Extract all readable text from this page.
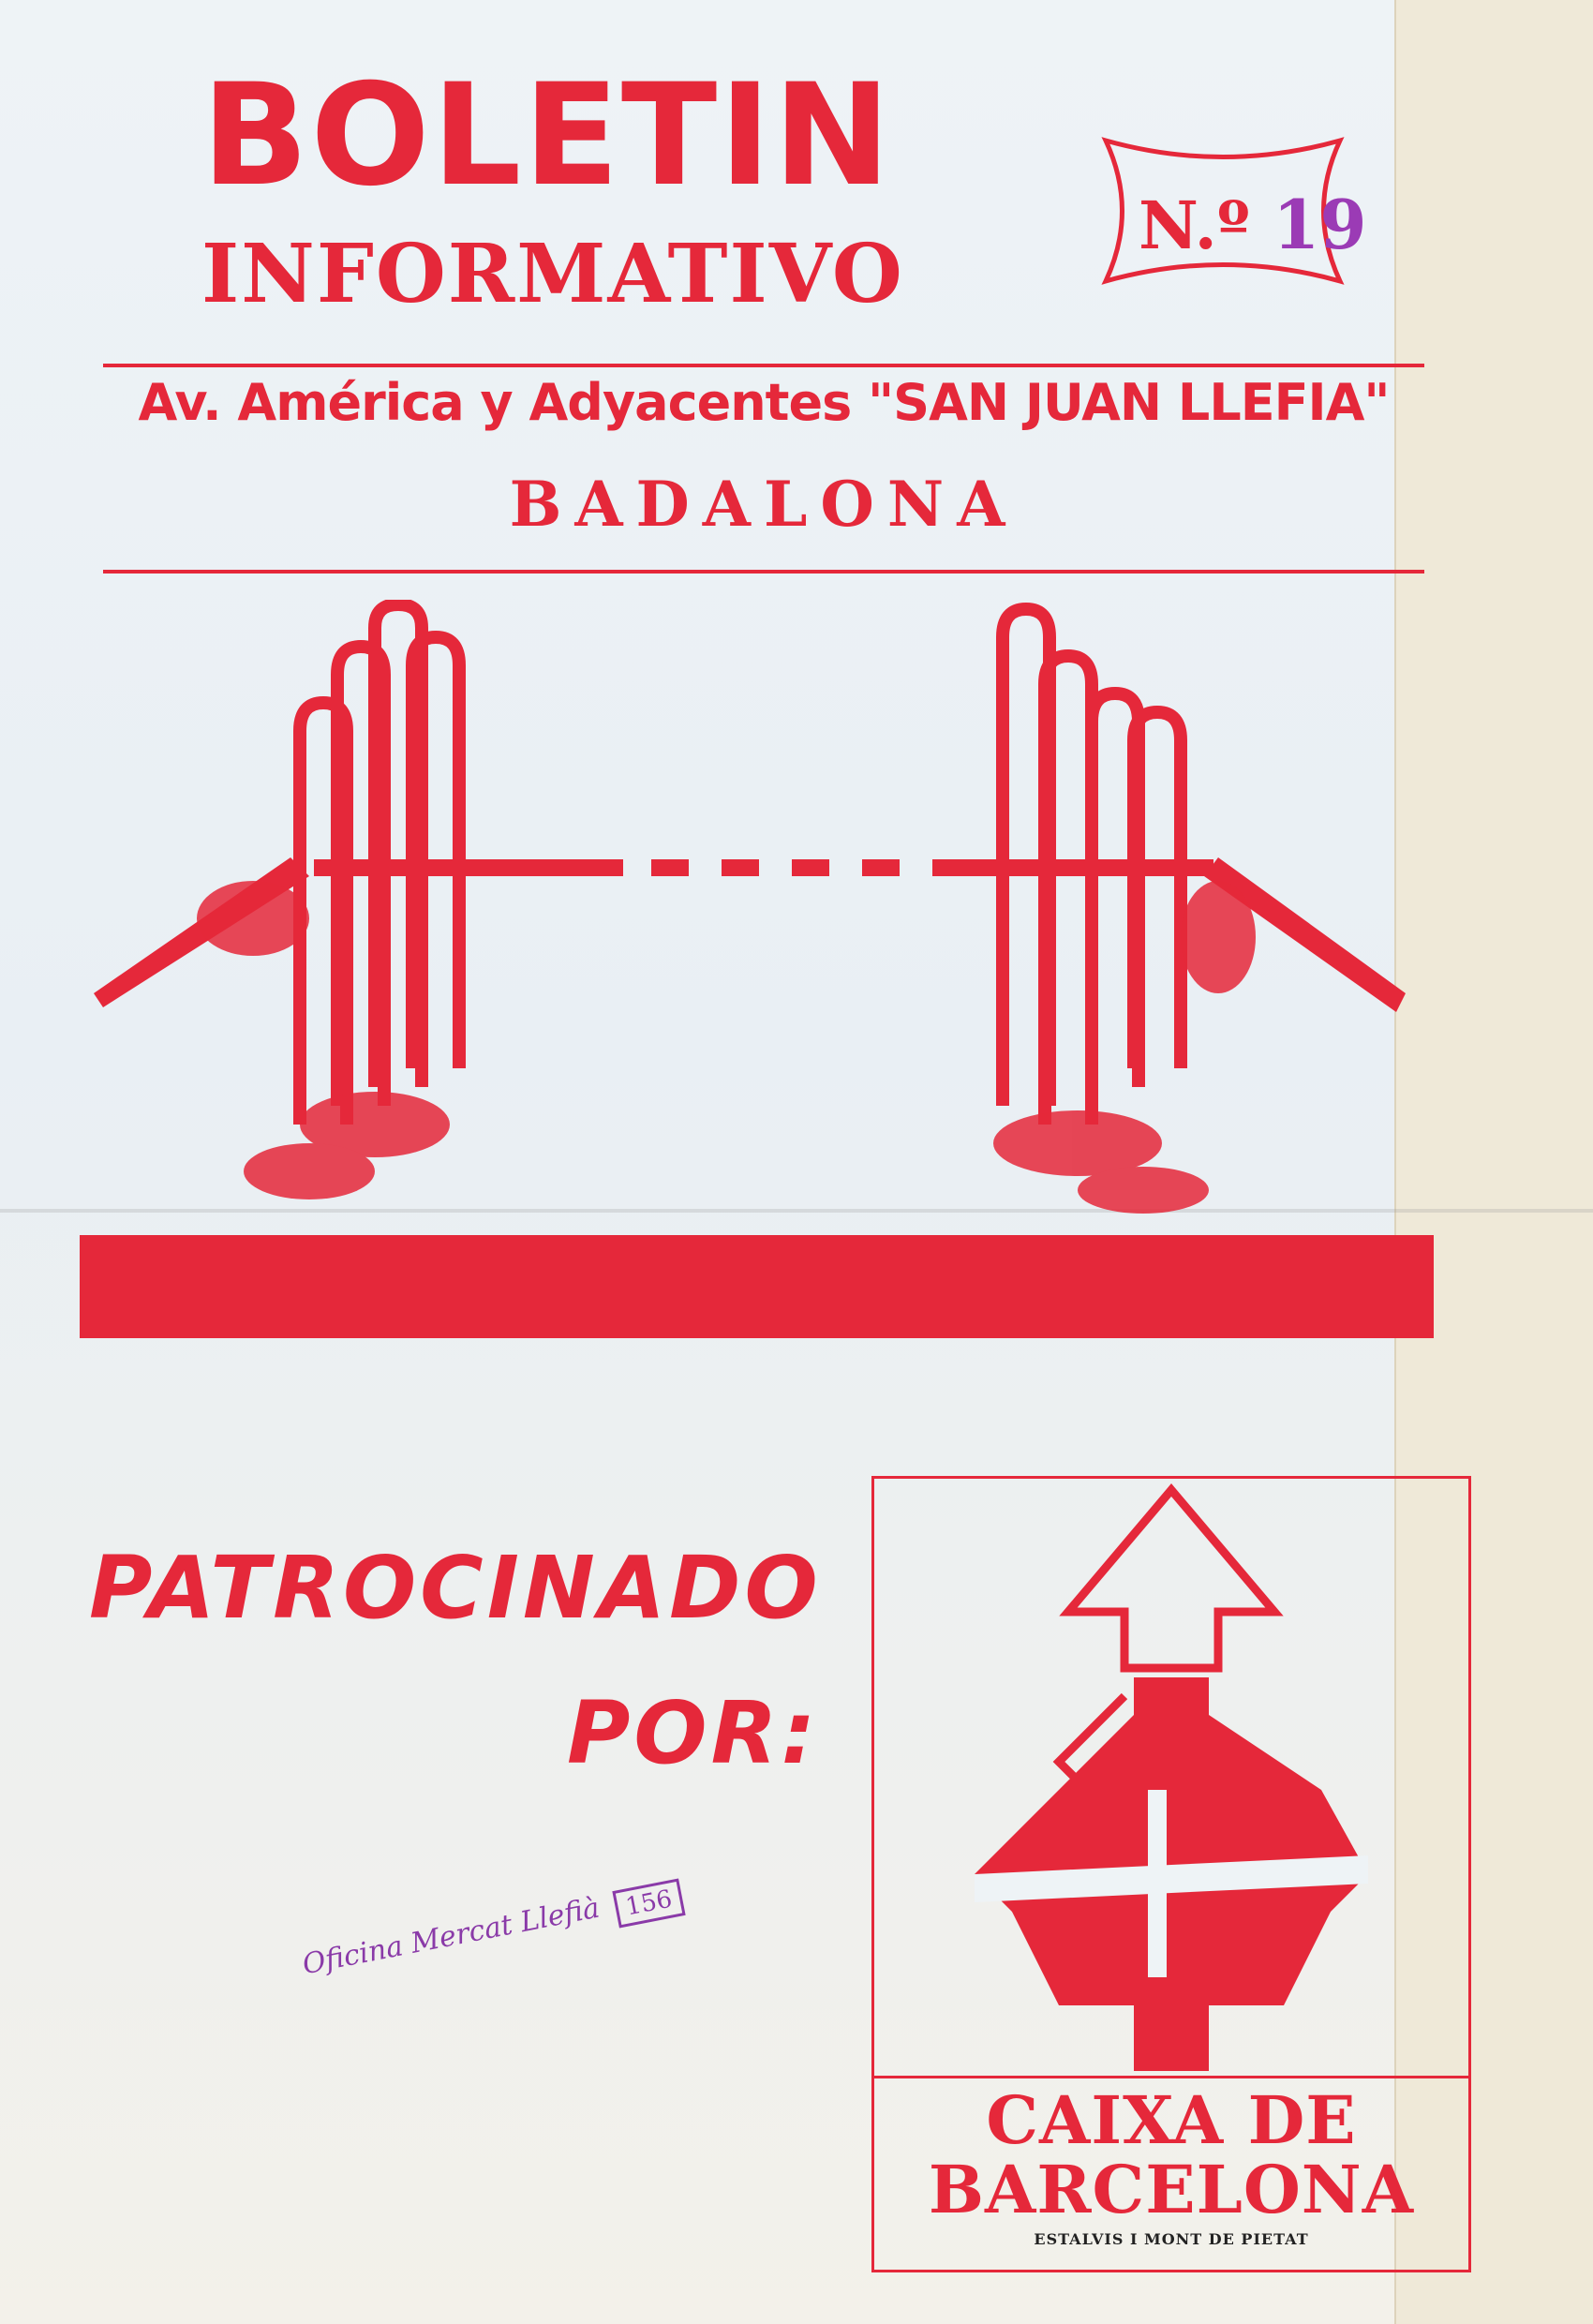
BOLETIN
INFORMATIVO
N.º 19
Av. América y Adyacentes "SAN JUAN LLEFIA"
BADALONA
PATROCINADO
POR:
CAIXA DE
BARCELONA
ESTALVIS I MONT DE PIETAT
Oficina Mercat Llefià 156
